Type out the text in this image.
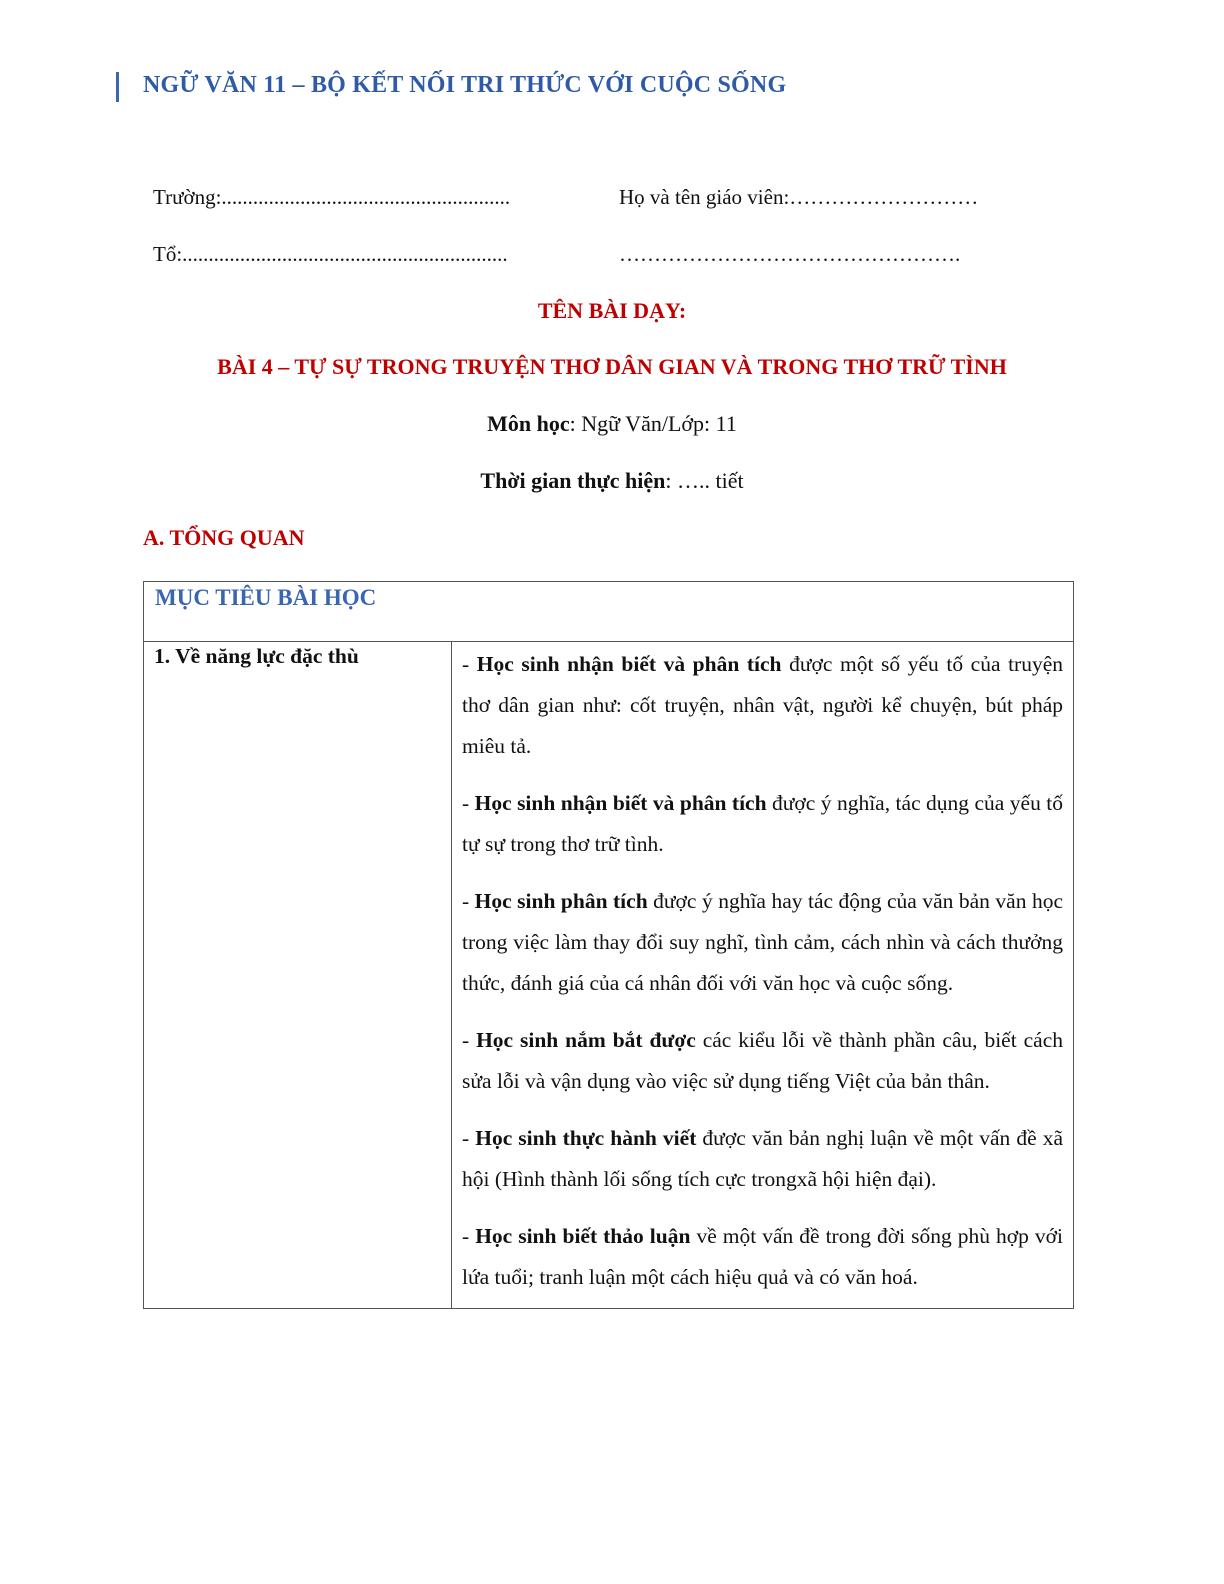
NGỮ VĂN 11 – BỘ KẾT NỐI TRI THỨC VỚI CUỘC SỐNG
Trường:.......................................................	Họ và tên giáo viên:………………………
Tổ:..............................................................	………………………………………….
TÊN BÀI DẠY:
BÀI 4 – TỰ SỰ TRONG TRUYỆN THƠ DÂN GIAN VÀ TRONG THƠ TRỮ TÌNH
Môn học: Ngữ Văn/Lớp: 11
Thời gian thực hiện: ….. tiết
A. TỔNG QUAN
MỤC TIÊU BÀI HỌC
1. Về năng lực đặc thù	- Học sinh nhận biết và phân tích được một số yếu tố của truyện thơ dân gian như: cốt truyện, nhân vật, người kể chuyện, bút pháp miêu tả.

- Học sinh nhận biết và phân tích được ý nghĩa, tác dụng của yếu tố tự sự trong thơ trữ tình.

- Học sinh phân tích được ý nghĩa hay tác động của văn bản văn học trong việc làm thay đổi suy nghĩ, tình cảm, cách nhìn và cách thưởng thức, đánh giá của cá nhân đối với văn học và cuộc sống.

- Học sinh nắm bắt được các kiểu lỗi về thành phần câu, biết cách sửa lỗi và vận dụng vào việc sử dụng tiếng Việt của bản thân.

- Học sinh thực hành viết được văn bản nghị luận về một vấn đề xã hội (Hình thành lối sống tích cực trongxã hội hiện đại).

- Học sinh biết thảo luận về một vấn đề trong đời sống phù hợp với lứa tuổi; tranh luận một cách hiệu quả và có văn hoá.
